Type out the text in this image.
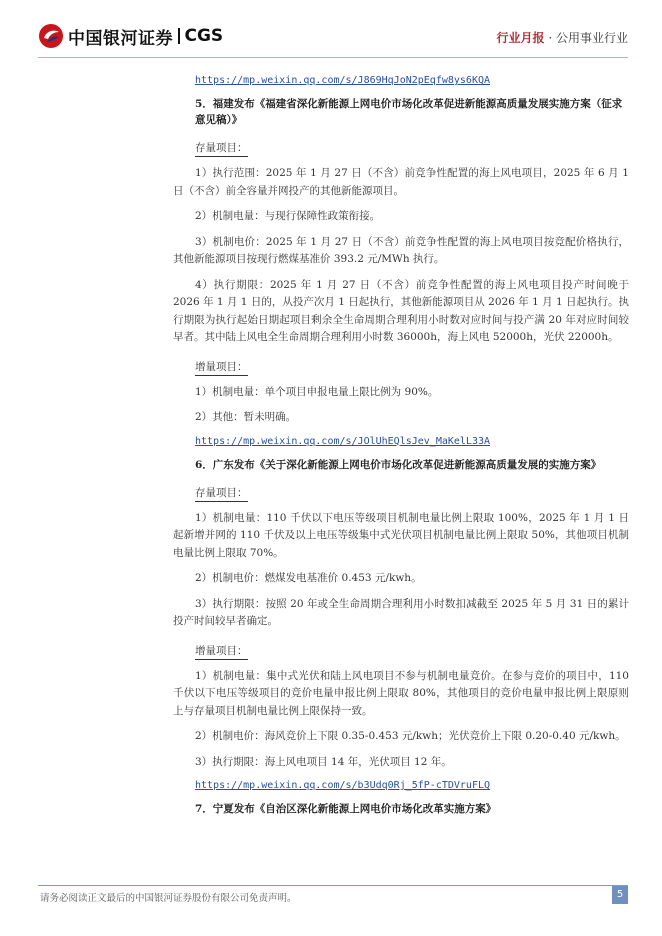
中国银河证券 CGS	行业月报 · 公用事业行业
https://mp.weixin.qq.com/s/J869HqJoN2pEqfw8ys6KQA
5．福建发布《福建省深化新能源上网电价市场化改革促进新能源高质量发展实施方案（征求意见稿）》
存量项目：

1）执行范围：2025 年 1 月 27 日（不含）前竞争性配置的海上风电项目，2025 年 6 月 1 日（不含）前全容量并网投产的其他新能源项目。

2）机制电量：与现行保障性政策衔接。

3）机制电价：2025 年 1 月 27 日（不含）前竞争性配置的海上风电项目按竞配价格执行，其他新能源项目按现行燃煤基准价 393.2 元/MWh 执行。

4）执行期限：2025 年 1 月 27 日（不含）前竞争性配置的海上风电项目投产时间晚于 2026 年 1 月 1 日的，从投产次月 1 日起执行，其他新能源项目从 2026 年 1 月 1 日起执行。执行期限为执行起始日期起项目剩余全生命周期合理利用小时数对应时间与投产满 20 年对应时间较早者。其中陆上风电全生命周期合理利用小时数 36000h，海上风电 52000h，光伏 22000h。

增量项目：

1）机制电量：单个项目申报电量上限比例为 90%。

2）其他：暂未明确。

https://mp.weixin.qq.com/s/JOlUhEQlsJev_MaKelL33A
6．广东发布《关于深化新能源上网电价市场化改革促进新能源高质量发展的实施方案》
存量项目：

1）机制电量：110 千伏以下电压等级项目机制电量比例上限取 100%，2025 年 1 月 1 日起新增并网的 110 千伏及以上电压等级集中式光伏项目机制电量比例上限取 50%，其他项目机制电量比例上限取 70%。

2）机制电价：燃煤发电基准价 0.453 元/kwh。

3）执行期限：按照 20 年或全生命周期合理利用小时数扣减截至 2025 年 5 月 31 日的累计投产时间较早者确定。

增量项目：

1）机制电量：集中式光伏和陆上风电项目不参与机制电量竞价。在参与竞价的项目中，110 千伏以下电压等级项目的竞价电量申报比例上限取 80%，其他项目的竞价电量申报比例上限原则上与存量项目机制电量比例上限保持一致。

2）机制电价：海风竞价上下限 0.35-0.453 元/kwh；光伏竞价上下限 0.20-0.40 元/kwh。

3）执行期限：海上风电项目 14 年，光伏项目 12 年。

https://mp.weixin.qq.com/s/b3Udq0Rj_5fP-cTDVruFLQ
7．宁夏发布《自治区深化新能源上网电价市场化改革实施方案》
请务必阅读正文最后的中国银河证券股份有限公司免责声明。	5
